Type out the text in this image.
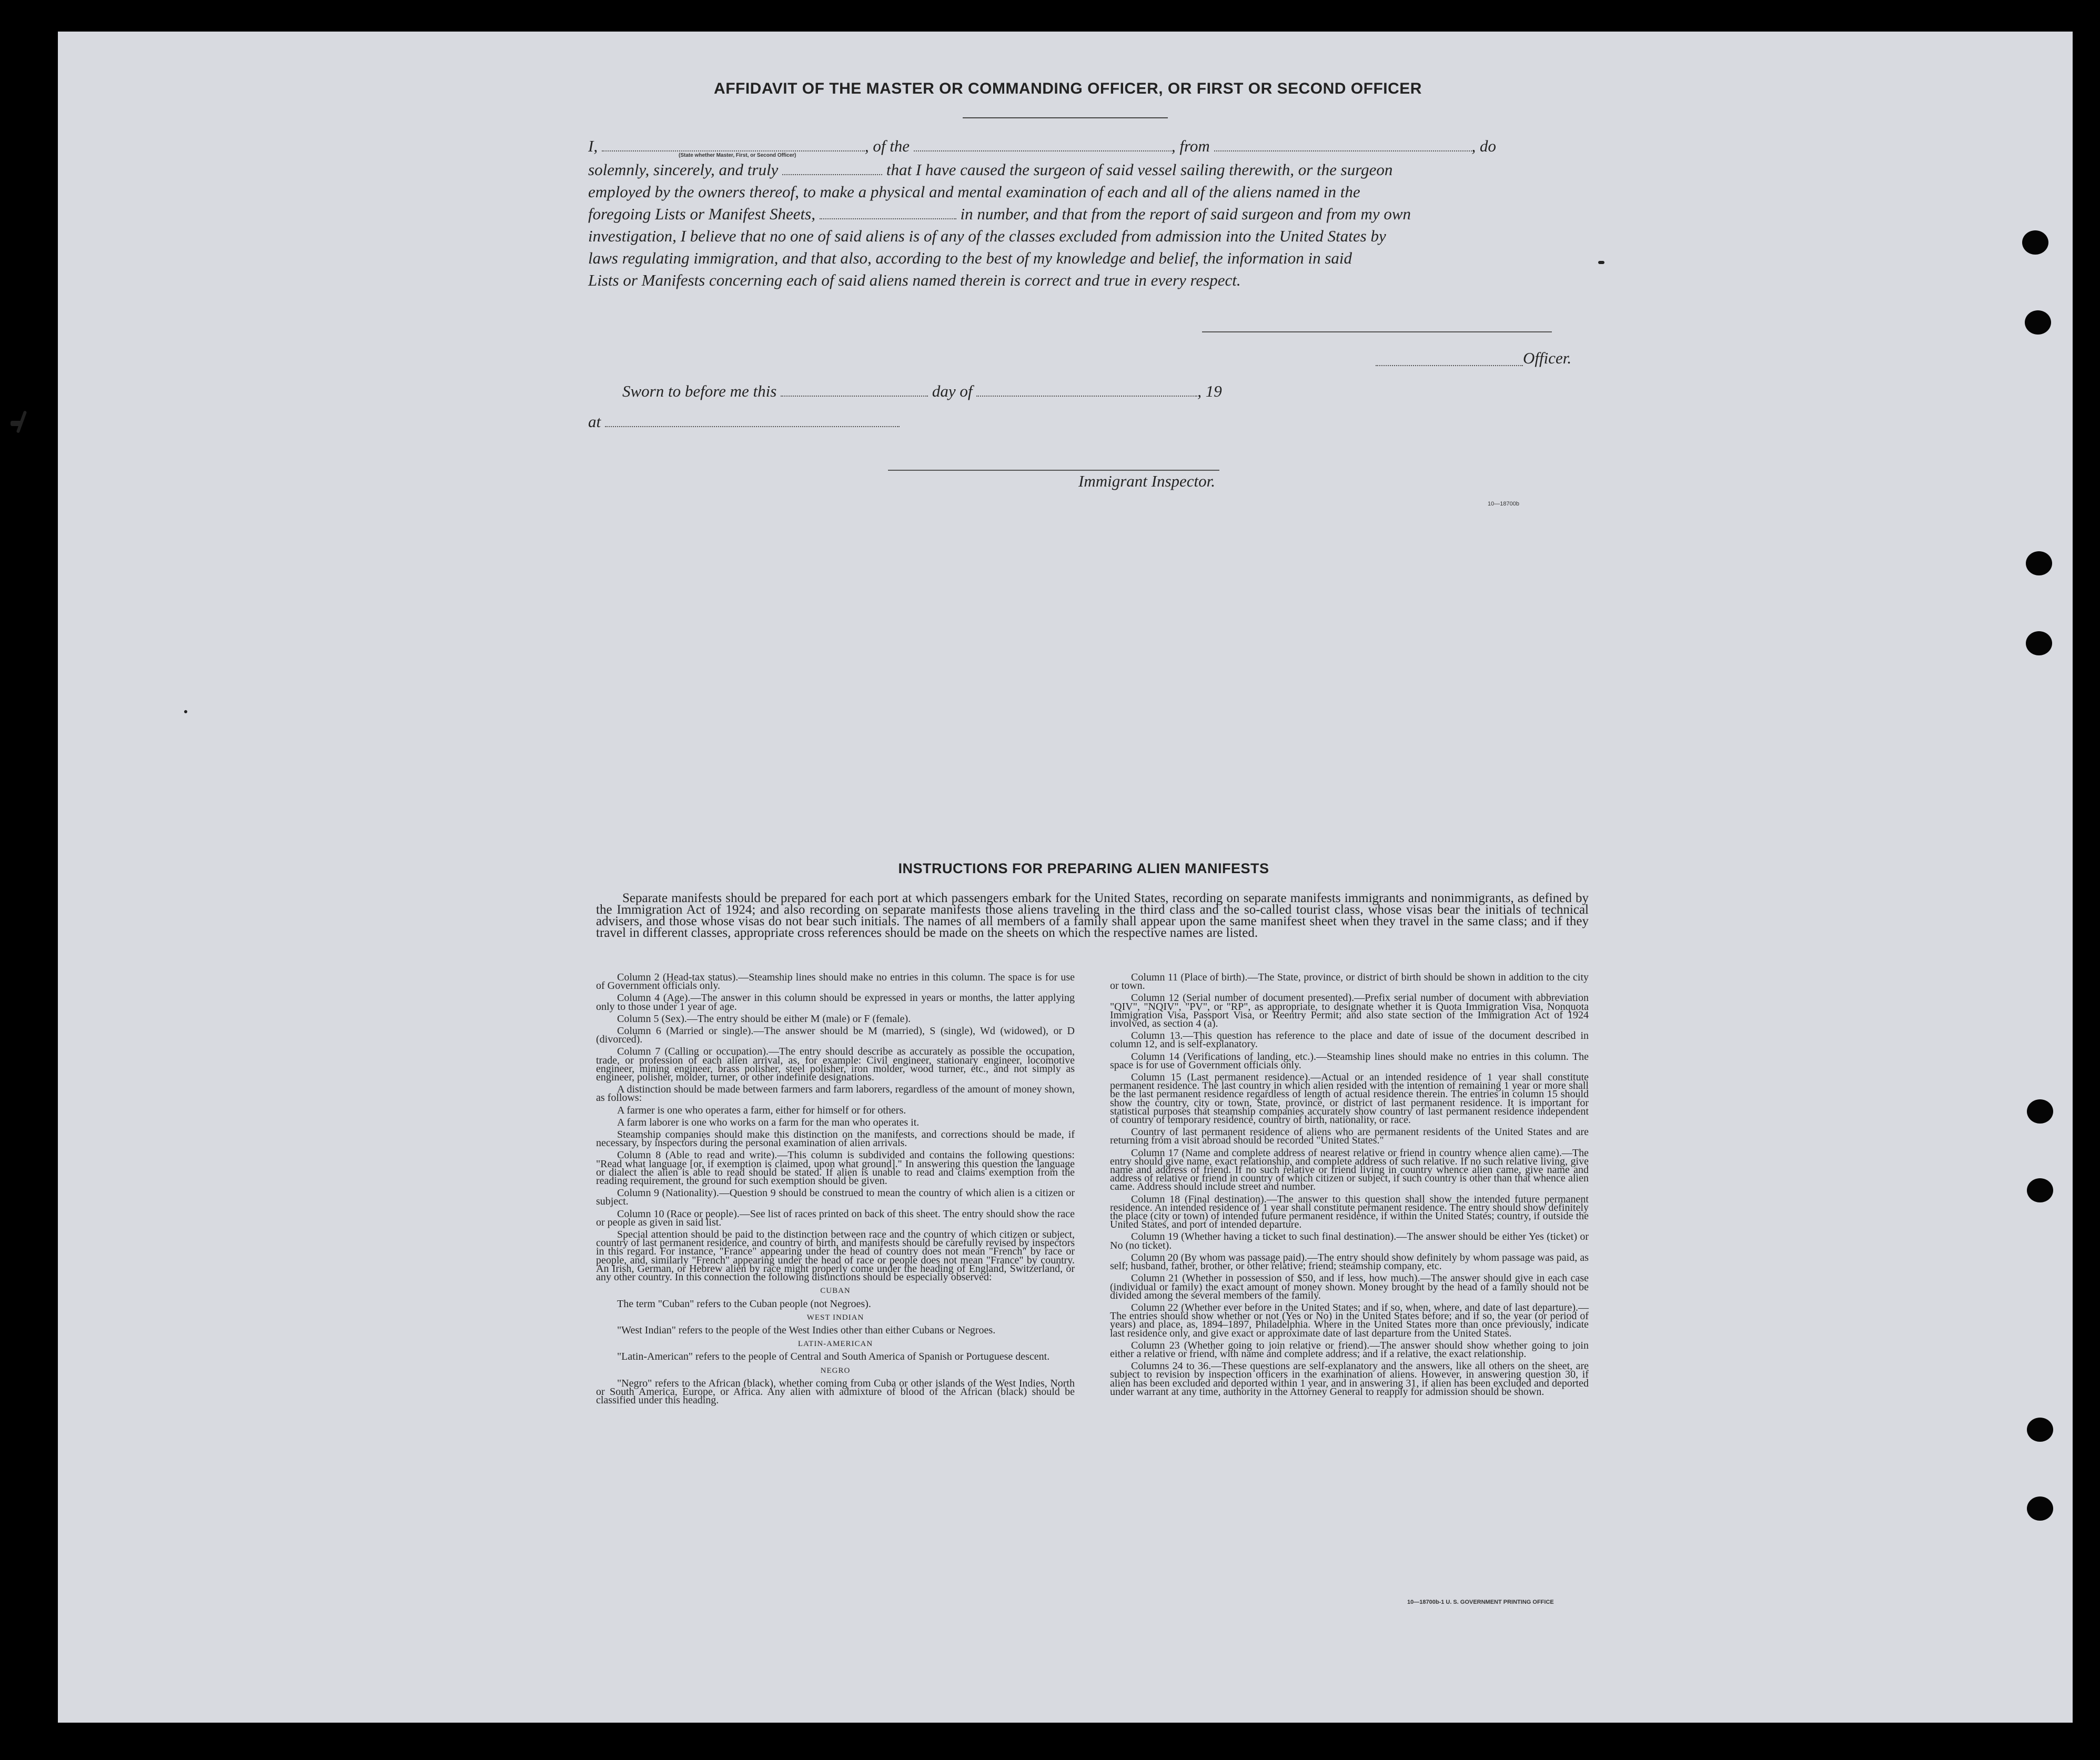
AFFIDAVIT OF THE MASTER OR COMMANDING OFFICER, OR FIRST OR SECOND OFFICER
I,	, of the	, from	, do
(State whether Master, First, or Second Officer)
solemnly, sincerely, and truly	that I have caused the surgeon of said vessel sailing therewith, or the surgeon
employed by the owners thereof, to make a physical and mental examination of each and all of the aliens named in the
foregoing Lists or Manifest Sheets,	in number, and that from the report of said surgeon and from my own
investigation, I believe that no one of said aliens is of any of the classes excluded from admission into the United States by
laws regulating immigration, and that also, according to the best of my knowledge and belief, the information in said
Lists or Manifests concerning each of said aliens named therein is correct and true in every respect.
Officer.
Sworn to before me this	day of	, 19
at
Immigrant Inspector.
10—18700b
INSTRUCTIONS FOR PREPARING ALIEN MANIFESTS

Separate manifests should be prepared for each port at which passengers embark for the United States, recording on separate manifests immigrants and nonimmigrants, as defined by the Immigration Act of 1924; and also recording on separate manifests those aliens traveling in the third class and the so-called tourist class, whose visas bear the initials of technical advisers, and those whose visas do not bear such initials. The names of all members of a family shall appear upon the same manifest sheet when they travel in the same class; and if they travel in different classes, appropriate cross references should be made on the sheets on which the respective names are listed.

Column 2 (Head-tax status).—Steamship lines should make no entries in this column. The space is for use of Government officials only.

Column 4 (Age).—The answer in this column should be expressed in years or months, the latter applying only to those under 1 year of age.

Column 5 (Sex).—The entry should be either M (male) or F (female).

Column 6 (Married or single).—The answer should be M (married), S (single), Wd (widowed), or D (divorced).

Column 7 (Calling or occupation).—The entry should describe as accurately as possible the occupation, trade, or profession of each alien arrival, as, for example: Civil engineer, stationary engineer, locomotive engineer, mining engineer, brass polisher, steel polisher, iron molder, wood turner, etc., and not simply as engineer, polisher, molder, turner, or other indefinite designations.

A distinction should be made between farmers and farm laborers, regardless of the amount of money shown, as follows:

A farmer is one who operates a farm, either for himself or for others.

A farm laborer is one who works on a farm for the man who operates it.

Steamship companies should make this distinction on the manifests, and corrections should be made, if necessary, by inspectors during the personal examination of alien arrivals.

Column 8 (Able to read and write).—This column is subdivided and contains the following questions: "Read what language [or, if exemption is claimed, upon what ground]." In answering this question the language or dialect the alien is able to read should be stated. If alien is unable to read and claims exemption from the reading requirement, the ground for such exemption should be given.

Column 9 (Nationality).—Question 9 should be construed to mean the country of which alien is a citizen or subject.

Column 10 (Race or people).—See list of races printed on back of this sheet. The entry should show the race or people as given in said list.

Special attention should be paid to the distinction between race and the country of which citizen or subject, country of last permanent residence, and country of birth, and manifests should be carefully revised by inspectors in this regard. For instance, "France" appearing under the head of country does not mean "French" by race or people, and, similarly "French" appearing under the head of race or people does not mean "France" by country. An Irish, German, or Hebrew alien by race might properly come under the heading of England, Switzerland, or any other country. In this connection the following distinctions should be especially observed:

CUBAN

The term "Cuban" refers to the Cuban people (not Negroes).

WEST INDIAN

"West Indian" refers to the people of the West Indies other than either Cubans or Negroes.

LATIN-AMERICAN

"Latin-American" refers to the people of Central and South America of Spanish or Portuguese descent.

NEGRO

"Negro" refers to the African (black), whether coming from Cuba or other islands of the West Indies, North or South America, Europe, or Africa. Any alien with admixture of blood of the African (black) should be classified under this heading.

Column 11 (Place of birth).—The State, province, or district of birth should be shown in addition to the city or town.

Column 12 (Serial number of document presented).—Prefix serial number of document with abbreviation "QIV", "NQIV", "PV", or "RP", as appropriate, to designate whether it is Quota Immigration Visa, Nonquota Immigration Visa, Passport Visa, or Reentry Permit; and also state section of the Immigration Act of 1924 involved, as section 4 (a).

Column 13.—This question has reference to the place and date of issue of the document described in column 12, and is self-explanatory.

Column 14 (Verifications of landing, etc.).—Steamship lines should make no entries in this column. The space is for use of Government officials only.

Column 15 (Last permanent residence).—Actual or an intended residence of 1 year shall constitute permanent residence. The last country in which alien resided with the intention of remaining 1 year or more shall be the last permanent residence regardless of length of actual residence therein. The entries in column 15 should show the country, city or town, State, province, or district of last permanent residence. It is important for statistical purposes that steamship companies accurately show country of last permanent residence independent of country of temporary residence, country of birth, nationality, or race.

Country of last permanent residence of aliens who are permanent residents of the United States and are returning from a visit abroad should be recorded "United States."

Column 17 (Name and complete address of nearest relative or friend in country whence alien came).—The entry should give name, exact relationship, and complete address of such relative. If no such relative living, give name and address of friend. If no such relative or friend living in country whence alien came, give name and address of relative or friend in country of which citizen or subject, if such country is other than that whence alien came. Address should include street and number.

Column 18 (Final destination).—The answer to this question shall show the intended future permanent residence. An intended residence of 1 year shall constitute permanent residence. The entry should show definitely the place (city or town) of intended future permanent residence, if within the United States; country, if outside the United States, and port of intended departure.

Column 19 (Whether having a ticket to such final destination).—The answer should be either Yes (ticket) or No (no ticket).

Column 20 (By whom was passage paid).—The entry should show definitely by whom passage was paid, as self; husband, father, brother, or other relative; friend; steamship company, etc.

Column 21 (Whether in possession of $50, and if less, how much).—The answer should give in each case (individual or family) the exact amount of money shown. Money brought by the head of a family should not be divided among the several members of the family.

Column 22 (Whether ever before in the United States; and if so, when, where, and date of last departure).—The entries should show whether or not (Yes or No) in the United States before; and if so, the year (or period of years) and place, as, 1894–1897, Philadelphia. Where in the United States more than once previously, indicate last residence only, and give exact or approximate date of last departure from the United States.

Column 23 (Whether going to join relative or friend).—The answer should show whether going to join either a relative or friend, with name and complete address; and if a relative, the exact relationship.

Columns 24 to 36.—These questions are self-explanatory and the answers, like all others on the sheet, are subject to revision by inspection officers in the examination of aliens. However, in answering question 30, if alien has been excluded and deported within 1 year, and in answering 31, if alien has been excluded and deported under warrant at any time, authority in the Attorney General to reapply for admission should be shown.

10—18700b-1 U. S. GOVERNMENT PRINTING OFFICE
